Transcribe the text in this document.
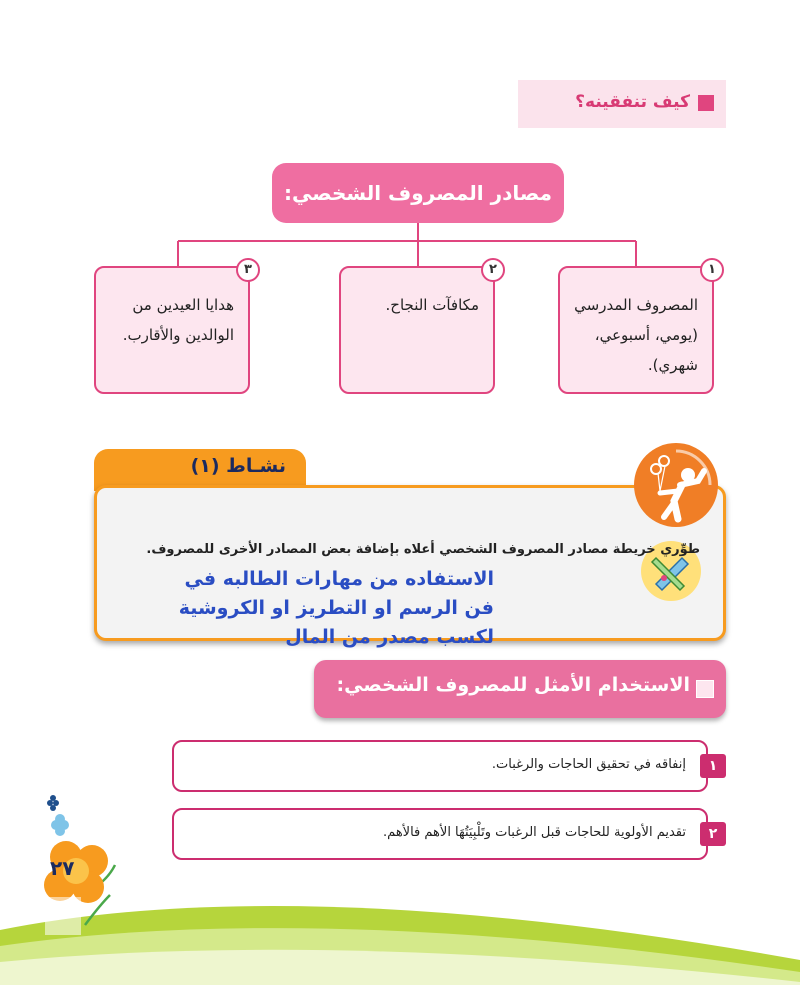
كيف تنفقينه؟
مصادر المصروف الشخصي:
المصروف المدرسي (يومي، أسبوعي، شهري).
١
مكافآت النجاح.
٢
هدايا العيدين من الوالدين والأقارب.
٣
نشـاط (١)
طوِّري خريطة مصادر المصروف الشخصي أعلاه بإضافة بعض المصادر الأخرى للمصروف.
الاستفاده من مهارات الطالبه في فن الرسم او التطريز او الكروشية لكسب مصدر من المال
الاستخدام الأمثل للمصروف الشخصي:
إنفاقه في تحقيق الحاجات والرغبات.	١
تقديم الأولوية للحاجات قبل الرغبات وتَلْبِيَتُهَا الأهم فالأهم.	٢
٢٧
